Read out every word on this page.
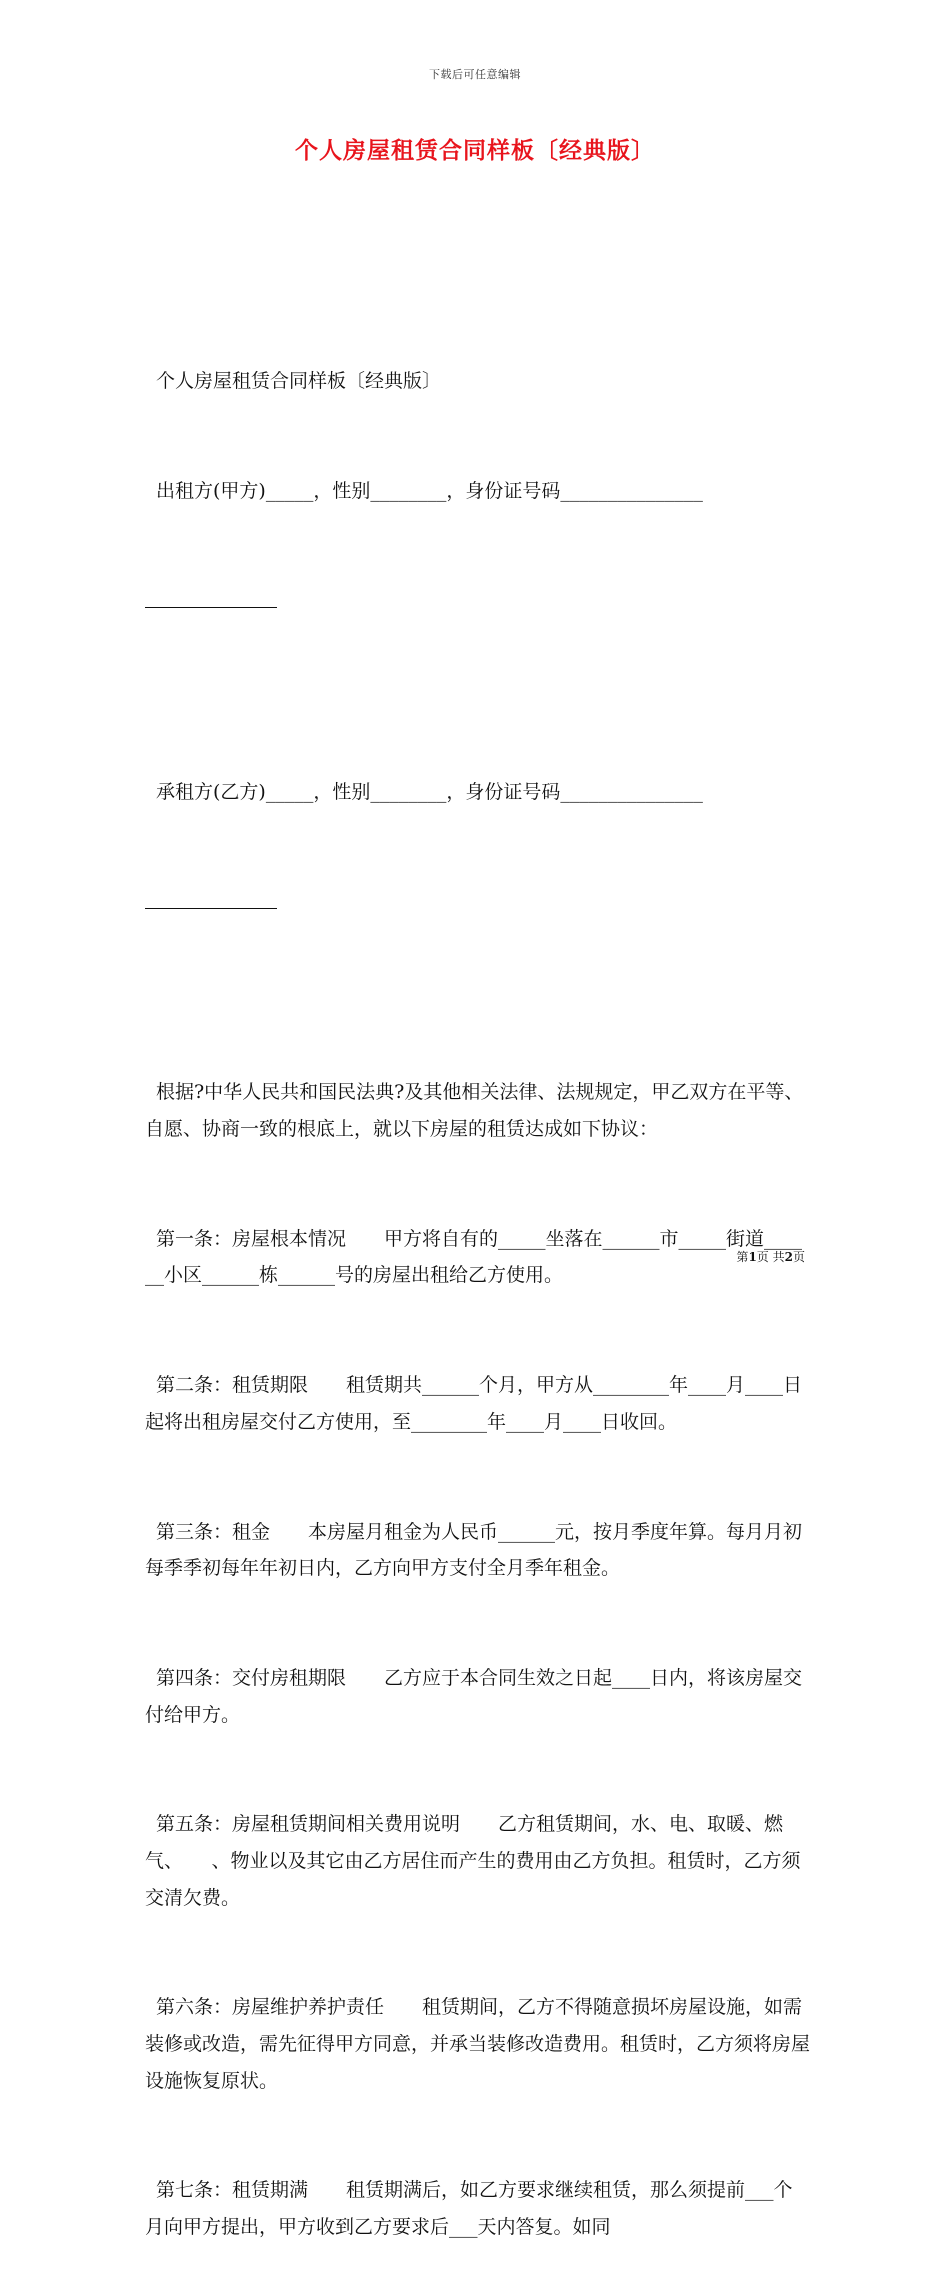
下载后可任意编辑
个人房屋租赁合同样板〔经典版〕

个人房屋租赁合同样板〔经典版〕

出租方(甲方)_____，性别________，身份证号码_______________

承租方(乙方)_____，性别________，身份证号码_______________

根据?中华人民共和国民法典?及其他相关法律、法规规定，甲乙双方在平等、自愿、协商一致的根底上，就以下房屋的租赁达成如下协议：

第一条：房屋根本情况　　甲方将自有的_____坐落在______市_____街道______小区______栋______号的房屋出租给乙方使用。

第二条：租赁期限　　租赁期共______个月，甲方从________年____月____日起将出租房屋交付乙方使用，至________年____月____日收回。

第三条：租金　　本房屋月租金为人民币______元，按月季度年算。每月月初每季季初每年年初日内，乙方向甲方支付全月季年租金。

第四条：交付房租期限　　乙方应于本合同生效之日起____日内，将该房屋交付给甲方。

第五条：房屋租赁期间相关费用说明　　乙方租赁期间，水、电、取暖、燃气、　　、物业以及其它由乙方居住而产生的费用由乙方负担。租赁时，乙方须交清欠费。

第六条：房屋维护养护责任　　租赁期间，乙方不得随意损坏房屋设施，如需装修或改造，需先征得甲方同意，并承当装修改造费用。租赁时，乙方须将房屋设施恢复原状。

第七条：租赁期满　　租赁期满后，如乙方要求继续租赁，那么须提前___个月向甲方提出，甲方收到乙方要求后___天内答复。如同

第1页 共2页
